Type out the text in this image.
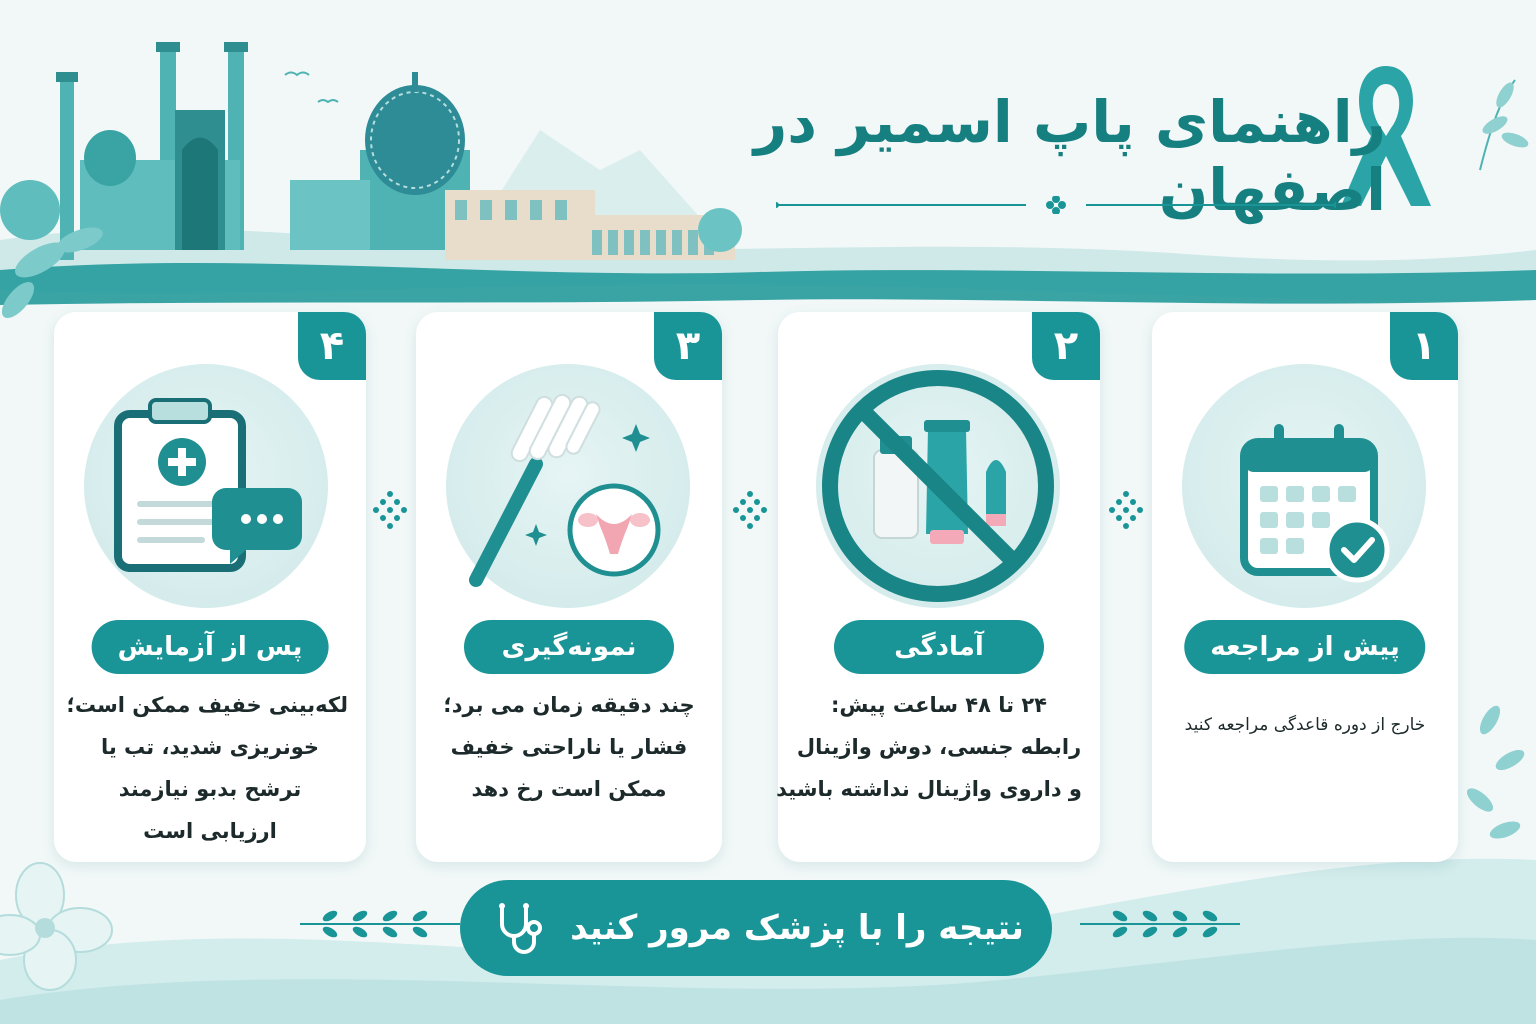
راهنمای پاپ اسمیر در اصفهان
۱
پیش از مراجعه
خارج از دوره قاعدگی مراجعه کنید
۲
آمادگی
۲۴ تا ۴۸ ساعت پیش:
رابطه جنسی، دوش واژینال
و داروی واژینال نداشته باشید
۳
نمونه‌گیری
چند دقیقه زمان می برد؛
فشار یا ناراحتی خفیف
ممکن است رخ دهد
۴
پس از آزمایش
لکه‌بینی خفیف ممکن است؛
خونریزی شدید، تب یا
ترشح بدبو نیازمند
ارزیابی است
نتیجه را با پزشک مرور کنید
